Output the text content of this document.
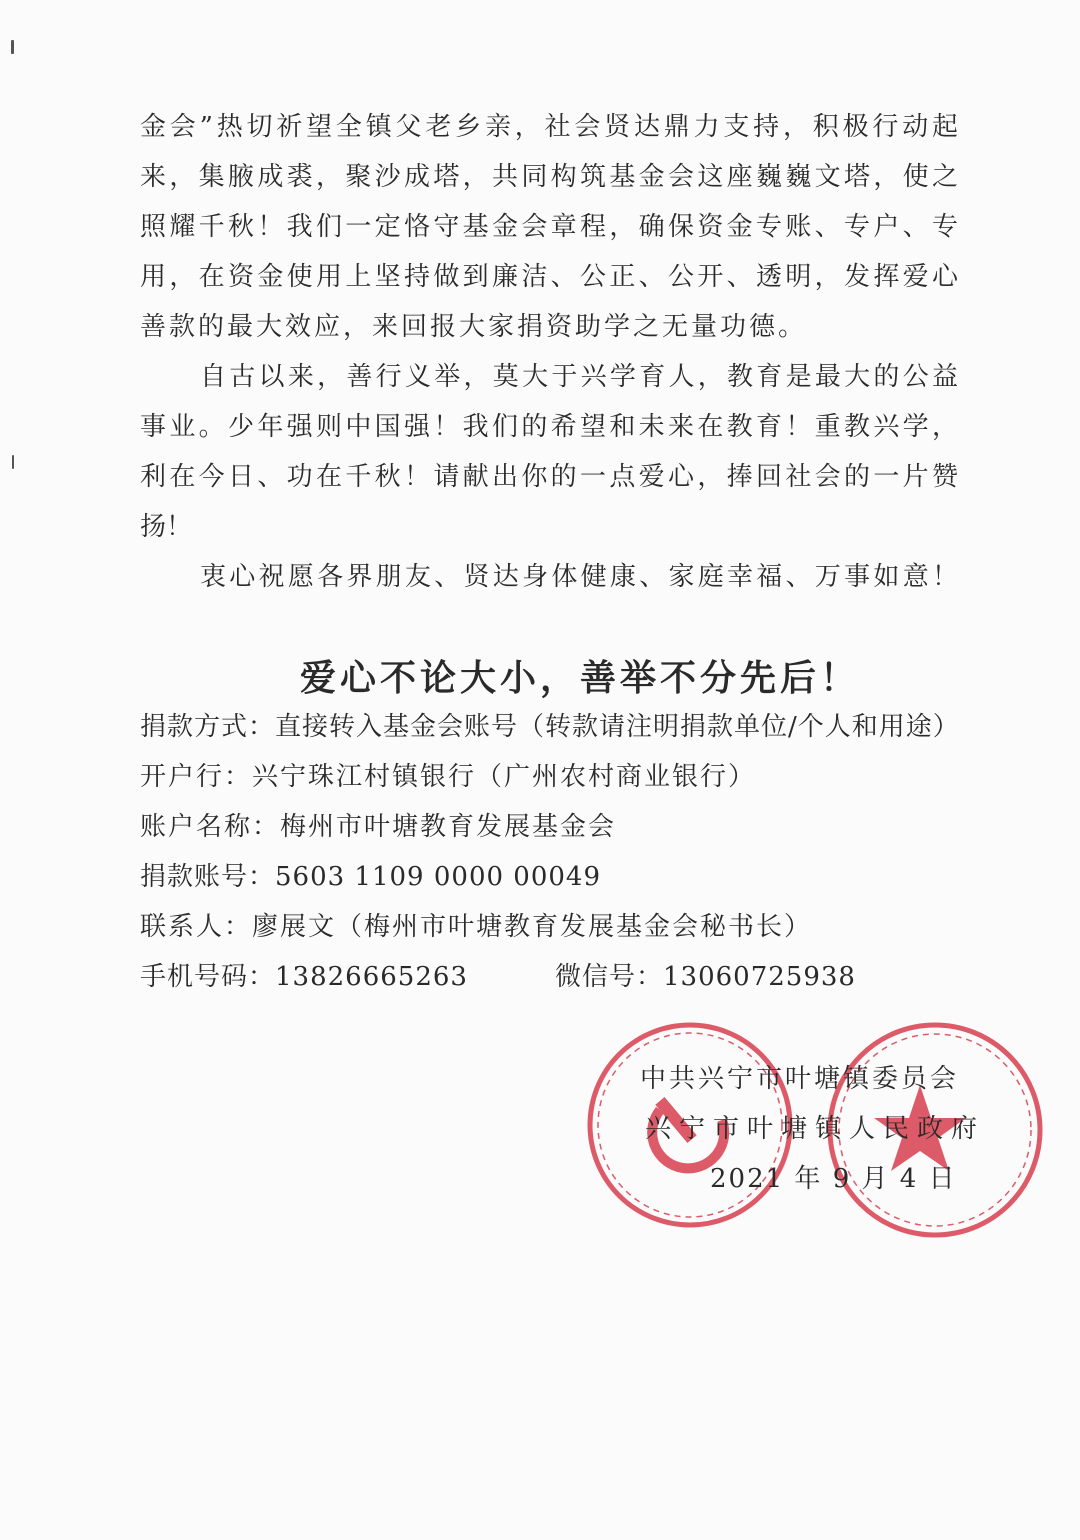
金会”热切祈望全镇父老乡亲，社会贤达鼎力支持，积极行动起
来，集腋成裘，聚沙成塔，共同构筑基金会这座巍巍文塔，使之
照耀千秋！我们一定恪守基金会章程，确保资金专账、专户、专
用，在资金使用上坚持做到廉洁、公正、公开、透明，发挥爱心
善款的最大效应，来回报大家捐资助学之无量功德。
自古以来，善行义举，莫大于兴学育人，教育是最大的公益
事业。少年强则中国强！我们的希望和未来在教育！重教兴学，
利在今日、功在千秋！请献出你的一点爱心，捧回社会的一片赞
扬！
衷心祝愿各界朋友、贤达身体健康、家庭幸福、万事如意！
爱心不论大小，善举不分先后！
捐款方式：直接转入基金会账号（转款请注明捐款单位/个人和用途）
开户行：兴宁珠江村镇银行（广州农村商业银行）
账户名称：梅州市叶塘教育发展基金会
捐款账号：5603 1109 0000 00049
联系人：廖展文（梅州市叶塘教育发展基金会秘书长）
手机号码：13826665263	微信号：13060725938
中共兴宁市叶塘镇委员会
兴宁市叶塘镇人民政府
2021 年 9 月 4 日
